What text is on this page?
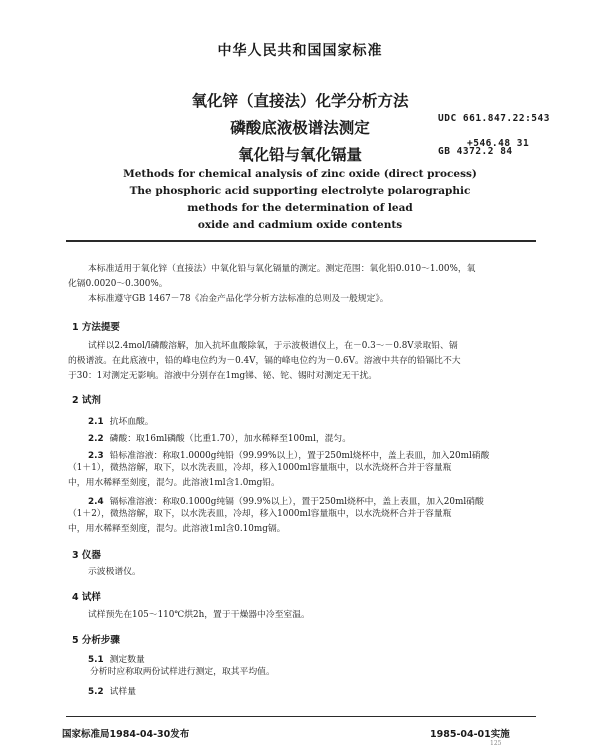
中华人民共和国国家标准
氧化锌（直接法）化学分析方法
磷酸底液极谱法测定
氧化铅与氧化镉量
UDC 661.847.22:543
+546.48 31
GB 4372.2 84
Methods for chemical analysis of zinc oxide (direct process)
The phosphoric acid supporting electrolyte polarographic
methods for the determination of lead
oxide and cadmium oxide contents
本标准适用于氧化锌（直接法）中氧化铅与氧化镉量的测定。测定范围：氧化铅0.010～1.00%，氧
化镉0.0020～0.300%。
本标准遵守GB 1467－78《冶金产品化学分析方法标准的总则及一般规定》。
1 方法提要
试样以2.4mol/l磷酸溶解，加入抗坏血酸除氧，于示波极谱仪上，在－0.3～－0.8V录取铅、镉
的极谱波。在此底液中，铅的峰电位约为－0.4V，镉的峰电位约为－0.6V。溶液中共存的铅镉比不大
于30：1对测定无影响。溶液中分别存在1mg锑、铋、铊、锡时对测定无干扰。
2 试剂
2.1 抗坏血酸。
2.2 磷酸：取16ml磷酸（比重1.70），加水稀释至100ml，混匀。
2.3 铅标准溶液：称取1.0000g纯铅（99.99%以上），置于250ml烧杯中，盖上表皿，加入20ml硝酸
（1＋1），微热溶解，取下，以水洗表皿，冷却，移入1000ml容量瓶中，以水洗烧杯合并于容量瓶
中，用水稀释至刻度，混匀。此溶液1ml含1.0mg铅。
2.4 镉标准溶液：称取0.1000g纯镉（99.9%以上），置于250ml烧杯中，盖上表皿，加入20ml硝酸
（1＋2），微热溶解，取下，以水洗表皿，冷却，移入1000ml容量瓶中，以水洗烧杯合并于容量瓶
中，用水稀释至刻度，混匀。此溶液1ml含0.10mg镉。
3 仪器
示波极谱仪。
4 试样
试样预先在105～110℃烘2h，置于干燥器中冷至室温。
5 分析步骤
5.1 测定数量
分析时应称取两份试样进行测定，取其平均值。
5.2 试样量
国家标准局1984-04-30发布	1985-04-01实施
125
